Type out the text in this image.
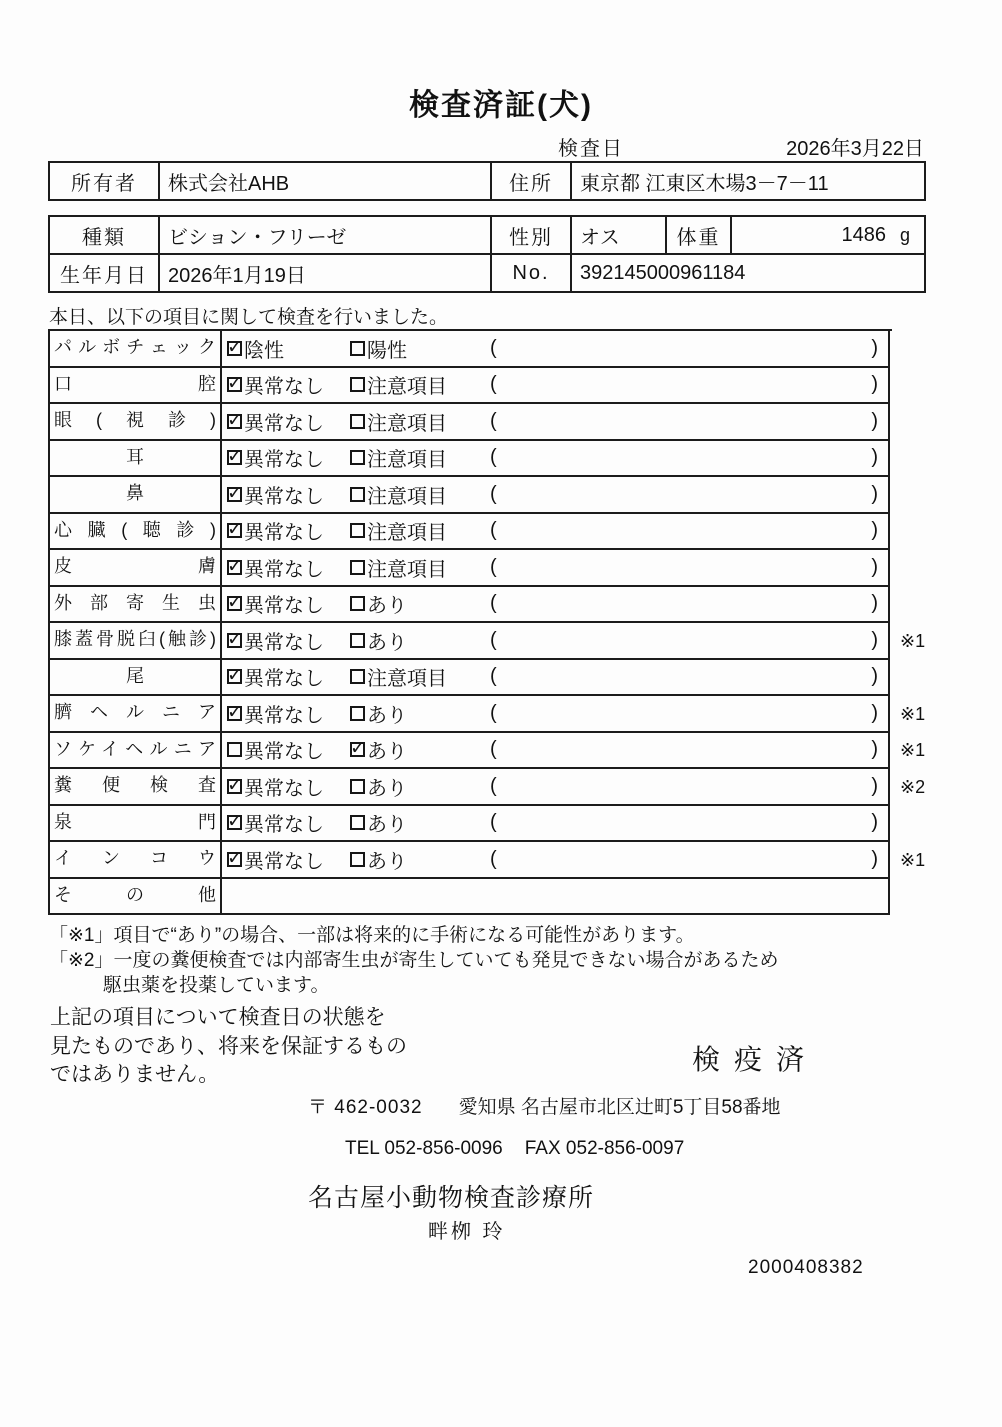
検査済証(犬)
検査日	2026年3月22日
所有者	株式会社AHB	住所	東京都 江東区木場3－7－11
種類	ビション・フリーゼ	性別	オス	体重	1486 g
生年月日	2026年1月19日	No.	392145000961184		
本日、以下の項目に関して検査を行いました。
パルボチェック ✓	陰性	陽性	(	)
口腔 ✓	異常なし 注意項目 (	)
眼(視診) ✓	異常なし 注意項目 (	)
耳 ✓	異常なし 注意項目 (	)
鼻 ✓	異常なし 注意項目 (	)
心臓(聴診) ✓	異常なし 注意項目 (	)
皮膚 ✓	異常なし 注意項目 (	)
外部寄生虫 ✓	異常なし あり	(	)
膝蓋骨脱臼(触診) ✓	異常なし あり	(	) ※1
尾 ✓	異常なし 注意項目 (	)
臍ヘルニア ✓	異常なし あり	(	) ※1
ソケイヘルニア	異常なし ✓ あり	(	) ※1
糞便検査 ✓	異常なし あり	(	) ※2
泉門 ✓	異常なし あり	(	)
インコウ ✓	異常なし あり	(	) ※1
その他
「※1」項目で“あり”の場合、一部は将来的に手術になる可能性があります。
「※2」一度の糞便検査では内部寄生虫が寄生していても発見できない場合があるため
駆虫薬を投薬しています。
上記の項目について検査日の状態を
見たものであり、将来を保証するもの
ではありません。	検疫済
〒 462-0032 愛知県 名古屋市北区辻町5丁目58番地
TEL 052-856-0096 FAX 052-856-0097
名古屋小動物検査診療所
畔栁 玲
2000408382
